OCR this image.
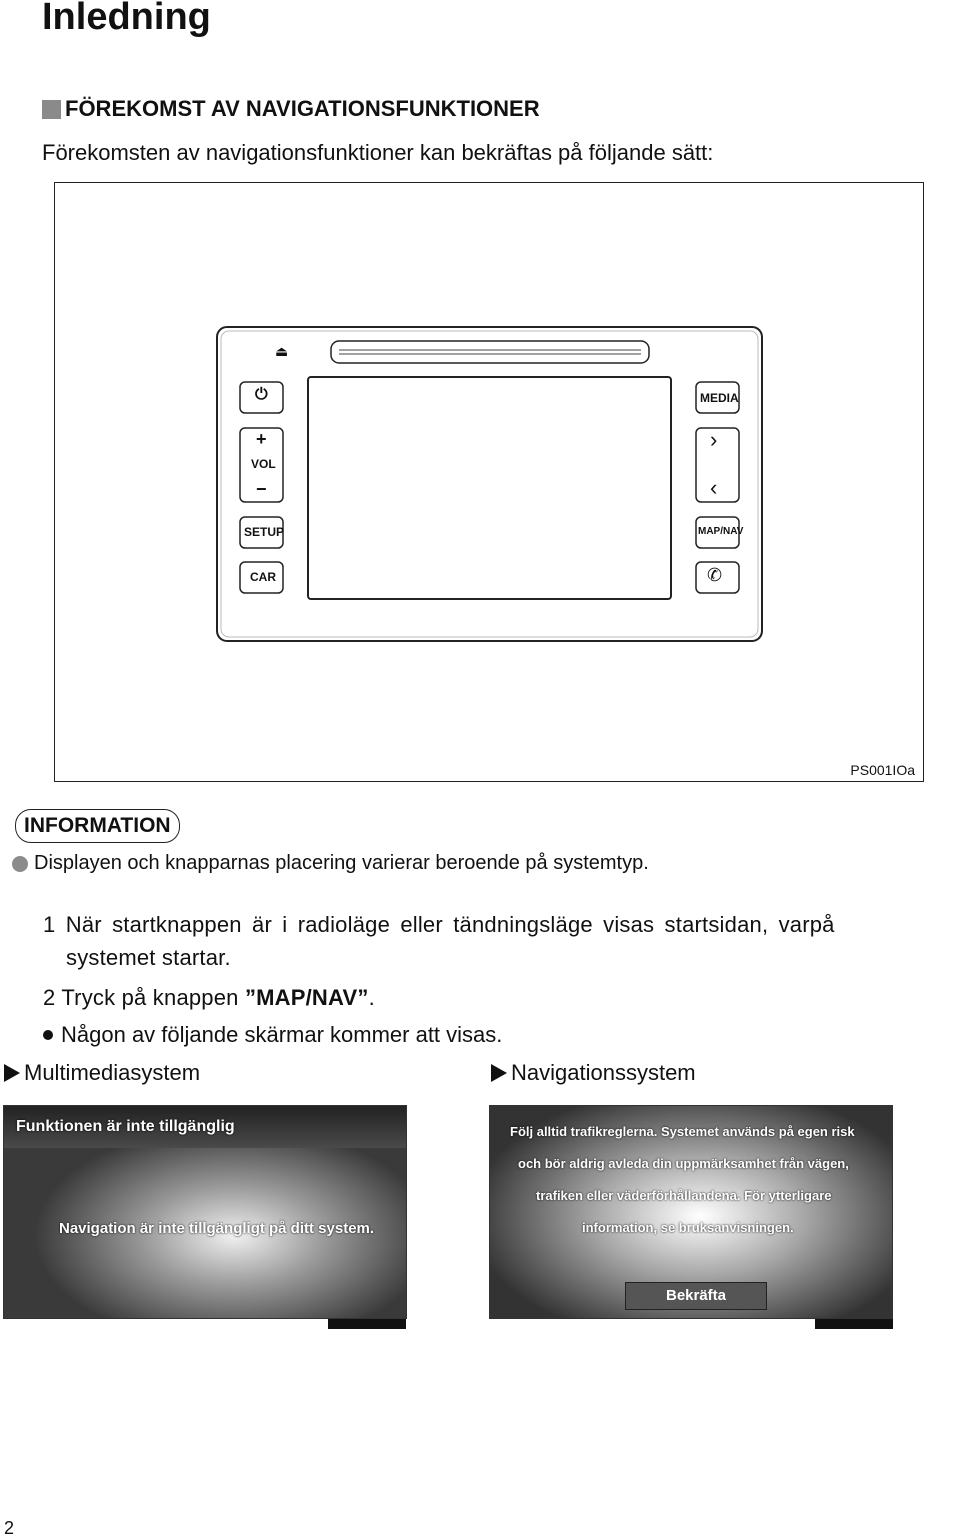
Inledning
FÖREKOMST AV NAVIGATIONSFUNKTIONER
Förekomsten av navigationsfunktioner kan bekräftas på följande sätt:
⏏
⏻
+
VOL
−
SETUP
CAR
MEDIA
›
‹
MAP/NAV
✆
PS001IOa
INFORMATION
Displayen och knapparnas placering varierar beroende på systemtyp.
1 När startknappen är i radioläge eller tändningsläge visas startsidan, varpå
systemet startar.
2 Tryck på knappen ”MAP/NAV”.
Någon av följande skärmar kommer att visas.
Multimediasystem	Navigationssystem
Funktionen är inte tillgänglig
Navigation är inte tillgängligt på ditt system.
Följ alltid trafikreglerna. Systemet används på egen risk
och bör aldrig avleda din uppmärksamhet från vägen,
trafiken eller väderförhållandena. För ytterligare
information, se bruksanvisningen.
Bekräfta
2
